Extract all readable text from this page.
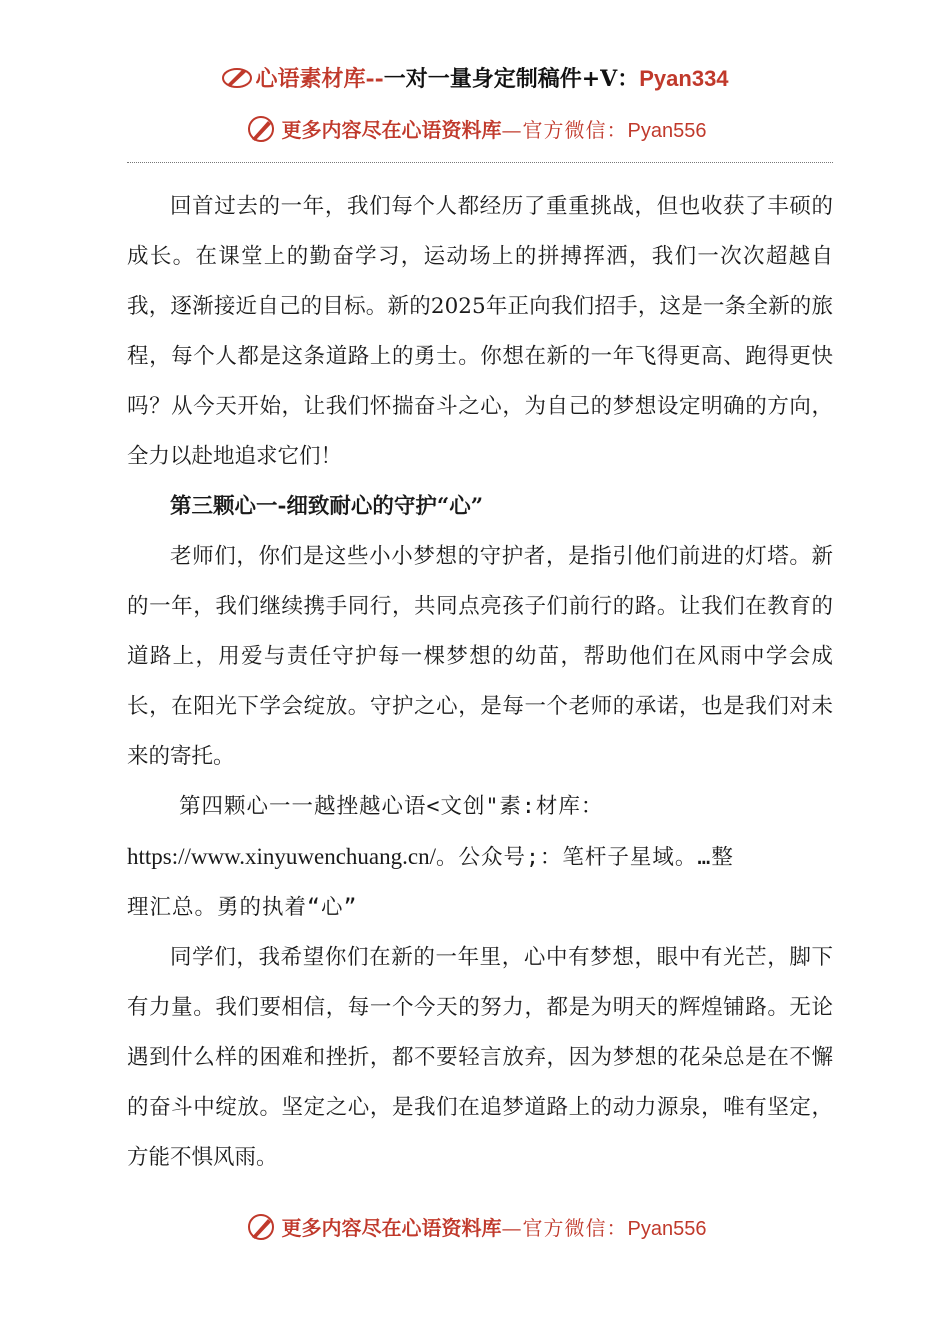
心语素材库--一对一量身定制稿件+V：Pyan334
更多内容尽在心语资料库—官方微信：Pyan556

回首过去的一年，我们每个人都经历了重重挑战，但也收获了丰硕的成长。在课堂上的勤奋学习，运动场上的拼搏挥洒，我们一次次超越自我，逐渐接近自己的目标。新的2025年正向我们招手，这是一条全新的旅程，每个人都是这条道路上的勇士。你想在新的一年飞得更高、跑得更快吗？从今天开始，让我们怀揣奋斗之心，为自己的梦想设定明确的方向，全力以赴地追求它们！

第三颗心一-细致耐心的守护“心”

老师们，你们是这些小小梦想的守护者，是指引他们前进的灯塔。新的一年，我们继续携手同行，共同点亮孩子们前行的路。让我们在教育的道路上，用爱与责任守护每一棵梦想的幼苗，帮助他们在风雨中学会成长，在阳光下学会绽放。守护之心，是每一个老师的承诺，也是我们对未来的寄托。

第四颗心一一越挫越心语<文创"素:材库：

https://www.xinyuwenchuang.cn/。公众号;：笔杆子星域。…整

理汇总。勇的执着“心”

同学们，我希望你们在新的一年里，心中有梦想，眼中有光芒，脚下有力量。我们要相信，每一个今天的努力，都是为明天的辉煌铺路。无论遇到什么样的困难和挫折，都不要轻言放弃，因为梦想的花朵总是在不懈的奋斗中绽放。坚定之心，是我们在追梦道路上的动力源泉，唯有坚定，方能不惧风雨。

更多内容尽在心语资料库—官方微信：Pyan556
